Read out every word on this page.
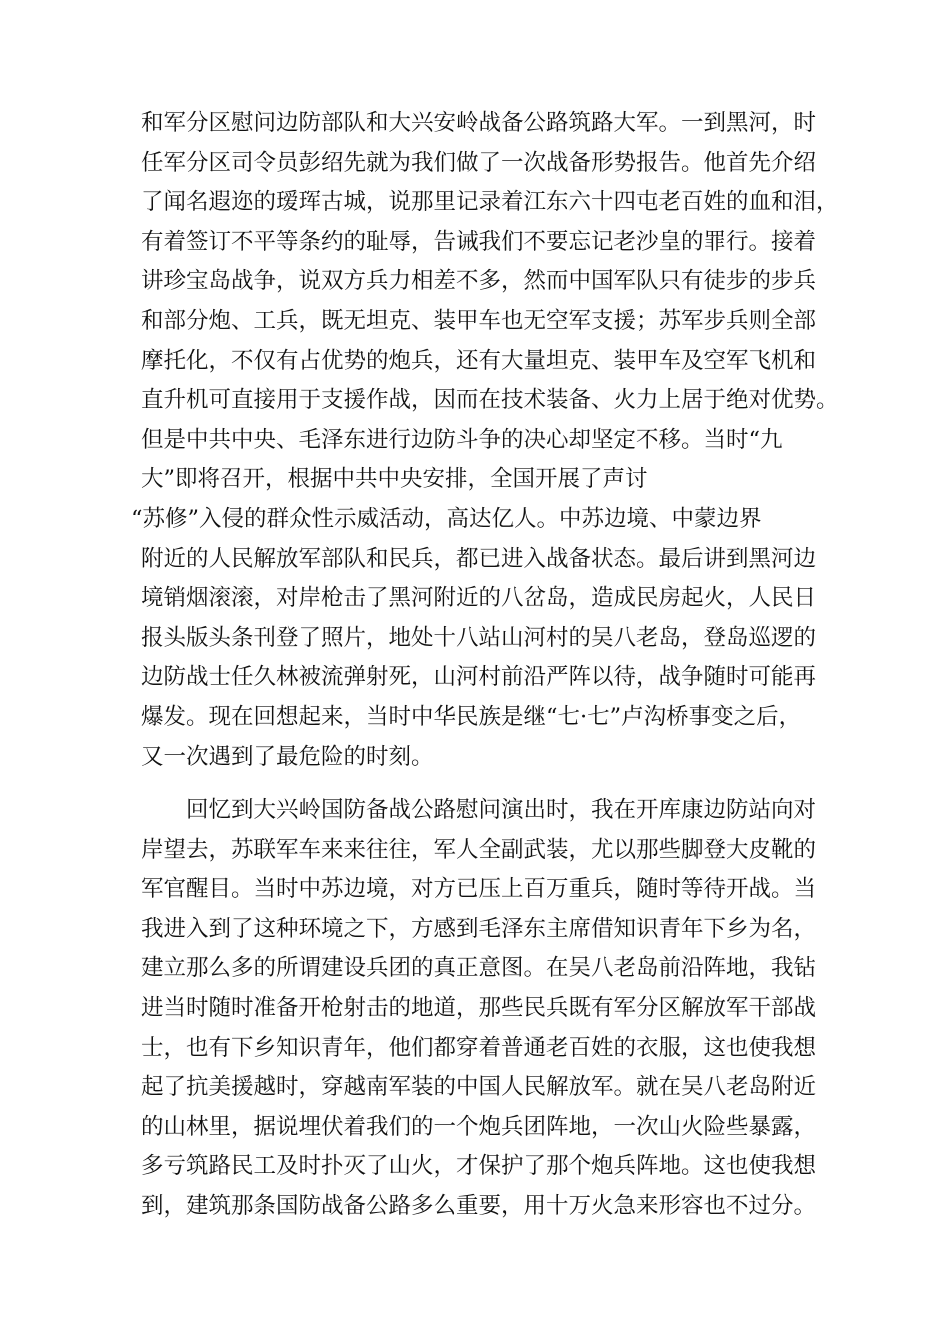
和军分区慰问边防部队和大兴安岭战备公路筑路大军。一到黑河，时
任军分区司令员彭绍先就为我们做了一次战备形势报告。他首先介绍
了闻名遐迩的瑷珲古城，说那里记录着江东六十四屯老百姓的血和泪，
有着签订不平等条约的耻辱，告诫我们不要忘记老沙皇的罪行。接着
讲珍宝岛战争，说双方兵力相差不多，然而中国军队只有徒步的步兵
和部分炮、工兵，既无坦克、装甲车也无空军支援；苏军步兵则全部
摩托化，不仅有占优势的炮兵，还有大量坦克、装甲车及空军飞机和
直升机可直接用于支援作战，因而在技术装备、火力上居于绝对优势。
但是中共中央、毛泽东进行边防斗争的决心却坚定不移。当时“九
大”即将召开，根据中共中央安排，全国开展了声讨
“苏修”入侵的群众性示威活动，高达亿人。中苏边境、中蒙边界
附近的人民解放军部队和民兵，都已进入战备状态。最后讲到黑河边
境销烟滚滚，对岸枪击了黑河附近的八岔岛，造成民房起火，人民日
报头版头条刊登了照片，地处十八站山河村的吴八老岛，登岛巡逻的
边防战士任久林被流弹射死，山河村前沿严阵以待，战争随时可能再
爆发。现在回想起来，当时中华民族是继“七·七”卢沟桥事变之后，
又一次遇到了最危险的时刻。
回忆到大兴岭国防备战公路慰问演出时，我在开库康边防站向对
岸望去，苏联军车来来往往，军人全副武装，尤以那些脚登大皮靴的
军官醒目。当时中苏边境，对方已压上百万重兵，随时等待开战。当
我进入到了这种环境之下，方感到毛泽东主席借知识青年下乡为名，
建立那么多的所谓建设兵团的真正意图。在吴八老岛前沿阵地，我钻
进当时随时准备开枪射击的地道，那些民兵既有军分区解放军干部战
士，也有下乡知识青年，他们都穿着普通老百姓的衣服，这也使我想
起了抗美援越时，穿越南军装的中国人民解放军。就在吴八老岛附近
的山林里，据说埋伏着我们的一个炮兵团阵地，一次山火险些暴露，
多亏筑路民工及时扑灭了山火，才保护了那个炮兵阵地。这也使我想
到，建筑那条国防战备公路多么重要，用十万火急来形容也不过分。
